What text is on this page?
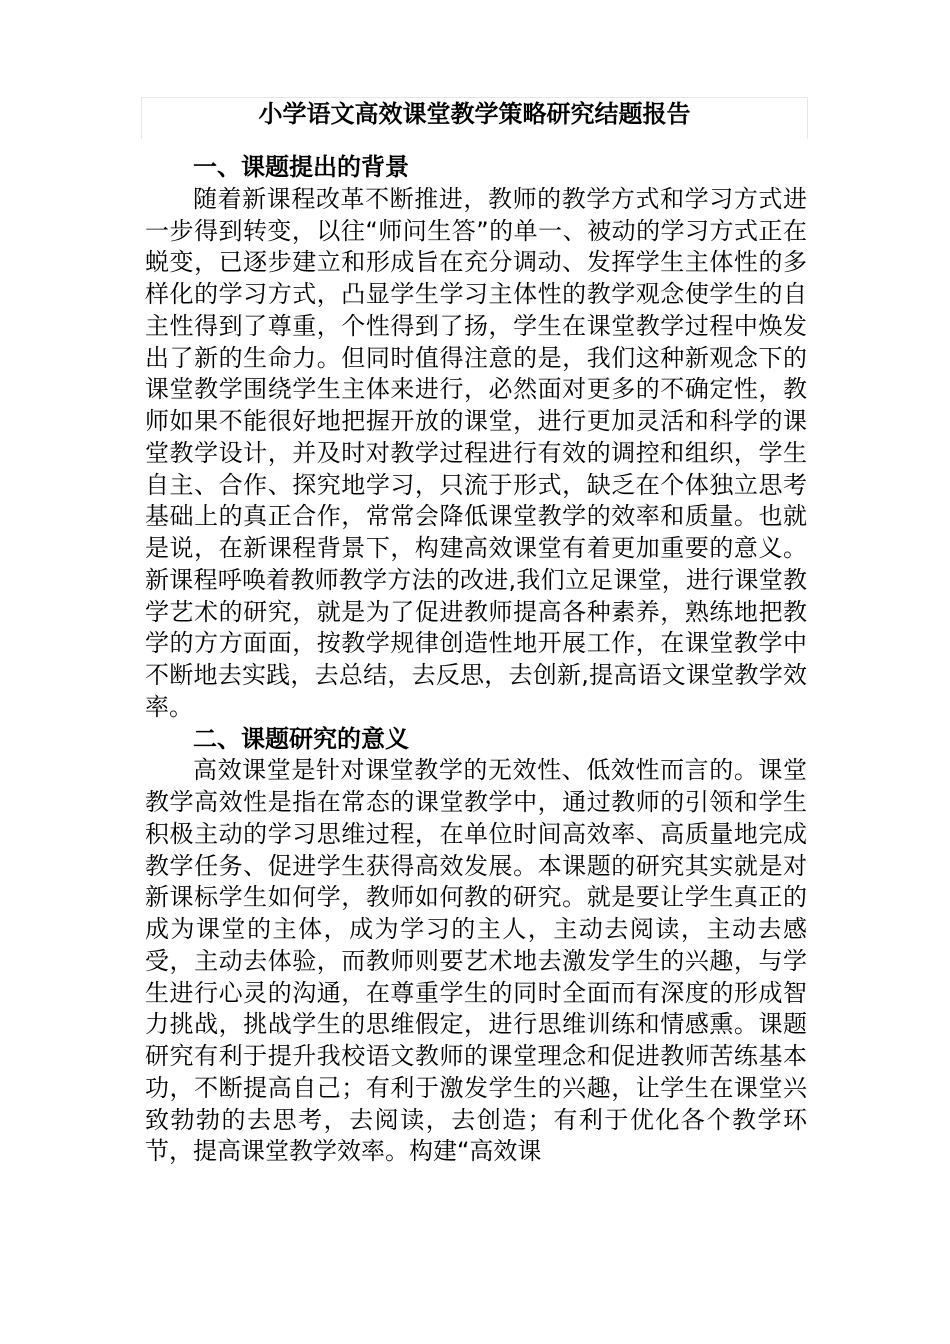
小学语文高效课堂教学策略研究结题报告
一、课题提出的背景

随着新课程改革不断推进，教师的教学方式和学习方式进一步得到转变，以往“师问生答”的单一、被动的学习方式正在蜕变，已逐步建立和形成旨在充分调动、发挥学生主体性的多样化的学习方式，凸显学生学习主体性的教学观念使学生的自主性得到了尊重，个性得到了扬，学生在课堂教学过程中焕发出了新的生命力。但同时值得注意的是，我们这种新观念下的课堂教学围绕学生主体来进行，必然面对更多的不确定性，教师如果不能很好地把握开放的课堂，进行更加灵活和科学的课堂教学设计，并及时对教学过程进行有效的调控和组织，学生自主、合作、探究地学习，只流于形式，缺乏在个体独立思考基础上的真正合作，常常会降低课堂教学的效率和质量。也就是说，在新课程背景下，构建高效课堂有着更加重要的意义。新课程呼唤着教师教学方法的改进,我们立足课堂，进行课堂教学艺术的研究，就是为了促进教师提高各种素养，熟练地把教学的方方面面，按教学规律创造性地开展工作，在课堂教学中不断地去实践，去总结，去反思，去创新,提高语文课堂教学效率。

二、课题研究的意义

高效课堂是针对课堂教学的无效性、低效性而言的。课堂教学高效性是指在常态的课堂教学中，通过教师的引领和学生积极主动的学习思维过程，在单位时间高效率、高质量地完成教学任务、促进学生获得高效发展。本课题的研究其实就是对新课标学生如何学，教师如何教的研究。就是要让学生真正的成为课堂的主体，成为学习的主人，主动去阅读，主动去感受，主动去体验，而教师则要艺术地去激发学生的兴趣，与学生进行心灵的沟通，在尊重学生的同时全面而有深度的形成智力挑战，挑战学生的思维假定，进行思维训练和情感熏。课题研究有利于提升我校语文教师的课堂理念和促进教师苦练基本功，不断提高自己；有利于激发学生的兴趣，让学生在课堂兴致勃勃的去思考，去阅读，去创造；有利于优化各个教学环节，提高课堂教学效率。构建“高效课
